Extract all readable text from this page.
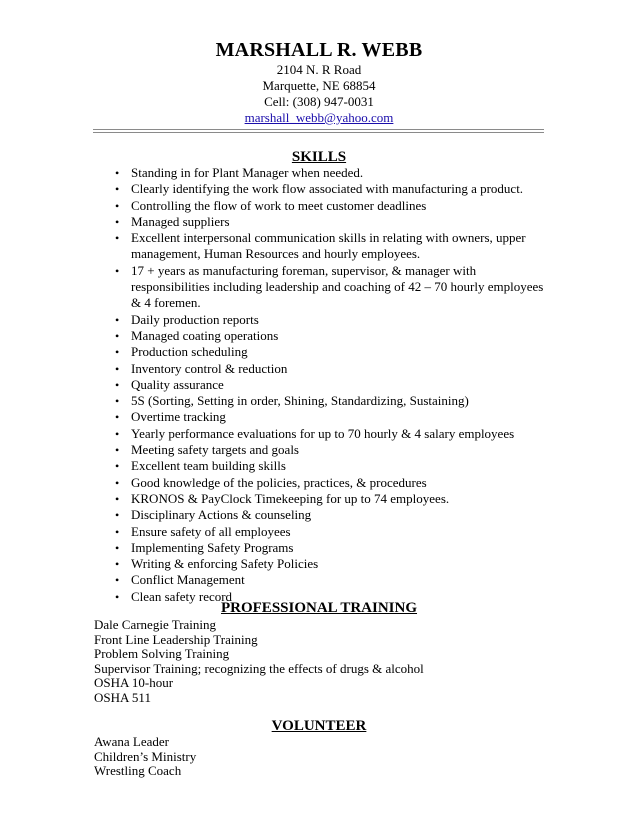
MARSHALL R. WEBB

2104 N. R Road

Marquette, NE 68854

Cell: (308) 947-0031

marshall_webb@yahoo.com

SKILLS

• Standing in for Plant Manager when needed.
• Clearly identifying the work flow associated with manufacturing a product.
• Controlling the flow of work to meet customer deadlines
• Managed suppliers
• Excellent interpersonal communication skills in relating with owners, upper management, Human Resources and hourly employees.
• 17 + years as manufacturing foreman, supervisor, & manager with responsibilities including leadership and coaching of 42 – 70 hourly employees & 4 foremen.
• Daily production reports
• Managed coating operations
• Production scheduling
• Inventory control & reduction
• Quality assurance
• 5S (Sorting, Setting in order, Shining, Standardizing, Sustaining)
• Overtime tracking
• Yearly performance evaluations for up to 70 hourly & 4 salary employees
• Meeting safety targets and goals
• Excellent team building skills
• Good knowledge of the policies, practices, & procedures
• KRONOS & PayClock Timekeeping for up to 74 employees.
• Disciplinary Actions & counseling
• Ensure safety of all employees
• Implementing Safety Programs
• Writing & enforcing Safety Policies
• Conflict Management
• Clean safety record

PROFESSIONAL TRAINING

Dale Carnegie Training
Front Line Leadership Training
Problem Solving Training
Supervisor Training; recognizing the effects of drugs & alcohol
OSHA 10-hour
OSHA 511

VOLUNTEER

Awana Leader
Children’s Ministry
Wrestling Coach
